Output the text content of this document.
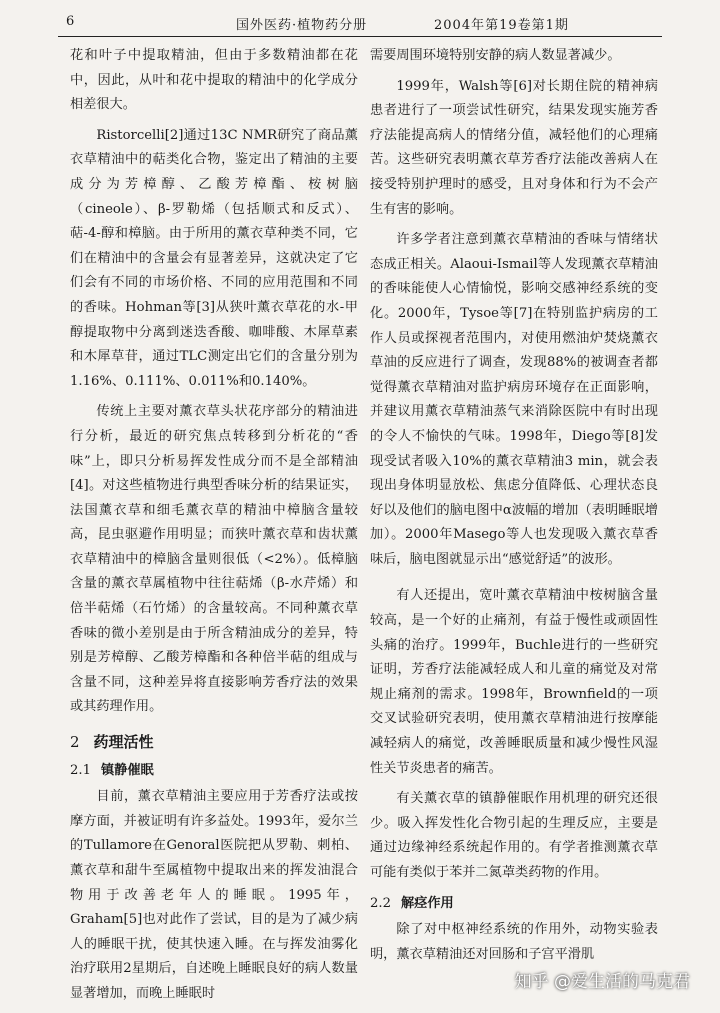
6	国外医药·植物药分册	2004年第19卷第1期

花和叶子中提取精油，但由于多数精油都在花中，因此，从叶和花中提取的精油中的化学成分相差很大。

Ristorcelli[2]通过13C NMR研究了商品薰衣草精油中的萜类化合物，鉴定出了精油的主要成分为芳樟醇、乙酸芳樟酯、桉树脑（cineole）、β-罗勒烯（包括顺式和反式）、萜-4-醇和樟脑。由于所用的薰衣草种类不同，它们在精油中的含量会有显著差异，这就决定了它们会有不同的市场价格、不同的应用范围和不同的香味。Hohman等[3]从狭叶薰衣草花的水-甲醇提取物中分离到迷迭香酸、咖啡酸、木犀草素和木犀草苷，通过TLC测定出它们的含量分别为1.16%、0.111%、0.011%和0.140%。

传统上主要对薰衣草头状花序部分的精油进行分析，最近的研究焦点转移到分析花的“香味”上，即只分析易挥发性成分而不是全部精油[4]。对这些植物进行典型香味分析的结果证实，法国薰衣草和细毛薰衣草的精油中樟脑含量较高，昆虫驱避作用明显；而狭叶薰衣草和齿状薰衣草精油中的樟脑含量则很低（<2%）。低樟脑含量的薰衣草属植物中往往萜烯（β-水芹烯）和倍半萜烯（石竹烯）的含量较高。不同种薰衣草香味的微小差别是由于所含精油成分的差异，特别是芳樟醇、乙酸芳樟酯和各种倍半萜的组成与含量不同，这种差异将直接影响芳香疗法的效果或其药理作用。

2 药理活性
2.1 镇静催眠

目前，薰衣草精油主要应用于芳香疗法或按摩方面，并被证明有许多益处。1993年，爱尔兰的Tullamore在Genoral医院把从罗勒、刺柏、薰衣草和甜牛至属植物中提取出来的挥发油混合物用于改善老年人的睡眠。1995年，Graham[5]也对此作了尝试，目的是为了减少病人的睡眠干扰，使其快速入睡。在与挥发油雾化治疗联用2星期后，自述晚上睡眠良好的病人数量显著增加，而晚上睡眠时

需要周围环境特别安静的病人数显著减少。

1999年，Walsh等[6]对长期住院的精神病患者进行了一项尝试性研究，结果发现实施芳香疗法能提高病人的情绪分值，减轻他们的心理痛苦。这些研究表明薰衣草芳香疗法能改善病人在接受特别护理时的感受，且对身体和行为不会产生有害的影响。

许多学者注意到薰衣草精油的香味与情绪状态成正相关。Alaoui-Ismail等人发现薰衣草精油的香味能使人心情愉悦，影响交感神经系统的变化。2000年，Tysoe等[7]在特别监护病房的工作人员或探视者范围内，对使用燃油炉焚烧薰衣草油的反应进行了调查，发现88%的被调查者都觉得薰衣草精油对监护病房环境存在正面影响，并建议用薰衣草精油蒸气来消除医院中有时出现的令人不愉快的气味。1998年，Diego等[8]发现受试者吸入10%的薰衣草精油3 min，就会表现出身体明显放松、焦虑分值降低、心理状态良好以及他们的脑电图中α波幅的增加（表明睡眠增加）。2000年Masego等人也发现吸入薰衣草香味后，脑电图就显示出“感觉舒适”的波形。

有人还提出，宽叶薰衣草精油中桉树脑含量较高，是一个好的止痛剂，有益于慢性或顽固性头痛的治疗。1999年，Buchle进行的一些研究证明，芳香疗法能减轻成人和儿童的痛觉及对常规止痛剂的需求。1998年，Brownfield的一项交叉试验研究表明，使用薰衣草精油进行按摩能减轻病人的痛觉，改善睡眠质量和减少慢性风湿性关节炎患者的痛苦。

有关薰衣草的镇静催眠作用机理的研究还很少。吸入挥发性化合物引起的生理反应，主要是通过边缘神经系统起作用的。有学者推测薰衣草可能有类似于苯并二氮䓬类药物的作用。

2.2 解痉作用

除了对中枢神经系统的作用外，动物实验表明，薰衣草精油还对回肠和子宫平滑肌

知乎 @爱生活的马克君
